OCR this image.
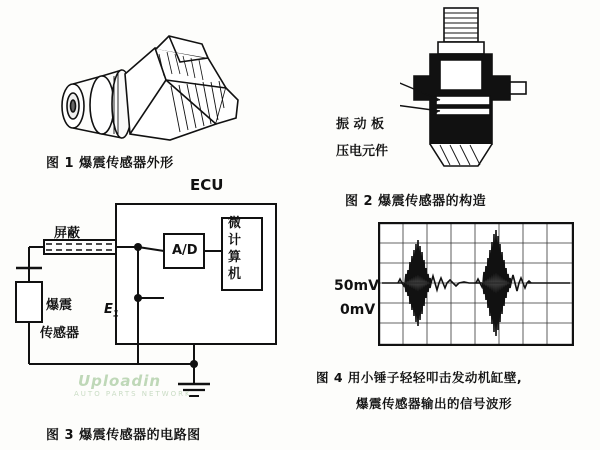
图 1 爆震传感器外形
振 动 板
压电元件
图 2 爆震传感器的构造
ECU
屏蔽
A/D
微
计
算
机
爆震
传感器
$E_1$
Uploadin
AUTO PARTS NETWORK
图 3 爆震传感器的电路图
50mV
0mV
图 4 用小锤子轻轻叩击发动机缸壁,
爆震传感器输出的信号波形
